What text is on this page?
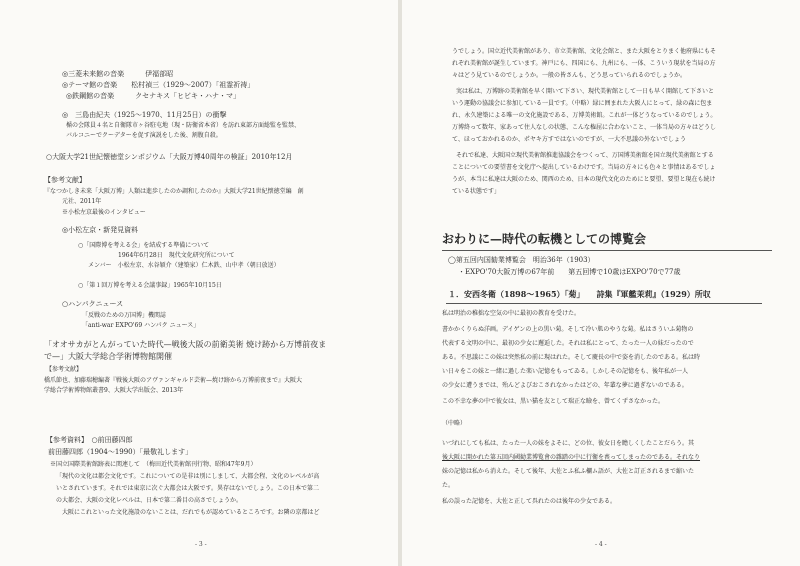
◎三菱未来館の音楽　　　伊福部昭
◎テーマ館の音楽　　松村禎三（1929〜2007）「祖霊祈祷」
◎鉄鋼館の音楽　　　クセナキス「ヒビキ・ハナ・マ」
◎　三島由紀夫（1925〜1970、11月25日）の衝撃
楯の会隊員４名と自衛隊市ヶ谷駐屯地（現・防衛省本省）を訪れ東部方面総監を監禁、
バルコニーでクーデターを促す演説をした後、割腹自殺。
○大阪大学21世紀懐徳堂シンポジウム「大阪万博40周年の検証」2010年12月
【参考文献】
『なつかしき未来「大阪万博」人類は進歩したのか調和したのか』大阪大学21世紀懐徳堂編　創
元社、2011年
※小松左京最後のインタビュー
◎小松左京・新発見資料
○「国際博を考える会」を結成する準備について
1964年6月28日　現代文化研究所について
メンバー　小松左京、水谷穎介（建築家）仁木鉄、山中孝（朝日放送）
○「第１回万博を考える会議事録」1965年10月15日
○ハンパクニュース
「反戦のための万国博」機関誌
「anti-war EXPO'69 ハンパク ニュース」
「オオサカがとんがっていた時代—戦後大阪の前衛美術 焼け跡から万博前夜ま
で—」大阪大学総合学術博物館開催
【参考文献】
橋爪節也、加藤瑞穂編著『戦後大阪のアヴァンギャルド芸術—焼け跡から万博前夜まで』大阪大
学総合学術博物館叢書9、大阪大学出版会、2013年
【参考資料】　○前田藤四郎
前田藤四郎（1904〜1990）「最敬礼します」
※国立国際美術館跡表に関連して　（梅田近代美術館刊行物、昭和47年9月）
「現代の文化は都会文化です。これについての是非は別にしまして、大都会程、文化のレベルが高
いとされています。それでは東京に次ぐ大都会は大阪です。異存はないでしょう。この日本で第二
の大都会、大阪の文化レベルは、日本で第二番目の高さでしょうか。
大阪にこれといった文化施設のないことは、だれでもが認めているところです。お隣の京都はど
- 3 -
うでしょう。国立近代美術館があり、市立美術館、文化会館と、また大阪をとりまく他府県にもそ
れぞれ美術館が誕生しています。神戸にも、四国にも、九州にも、一体、こういう現状を当局の方
々はどう見ているのでしょうか。一般の皆さんも、どう思っていられるのでしょうか。
実は私は、万博跡の美術館を早く開いて下さい、現代美術館として一日も早く開館して下さいと
いう運動の協議会に参加している一員です。（中略）緑に囲まれた大阪人にとって、緑の森に包ま
れ、永久建築による唯一の文化施設である、万博美術館。これが一体どうなっているのでしょう。
万博終って数年、家あって住人なしの状態、こんな権屈に合わないこと、一体当局の方々はどうし
て、ほっておかれるのか、ポヤキ方すではないのですが、一大不思議の外ないでしょう
それで私達、大阪国立現代美術館推進協議会をつくって、万国博美術館を国立現代美術館とする
ことについての要望書を文化庁へ提出しているわけです。当局の方々にも色々と事情はあるでしょ
うが、本当に私達は大阪のため、関西のため、日本の現代文化のためにと要望、要望と現在も続け
ている状態です」
おわりに—時代の転機としての博覧会
◯第五回内国勧業博覧会　明治36年（1903）
・EXPO'70大阪万博の67年前　　第五回博で10歳はEXPO'70で77歳
１．安西冬衛（1898〜1965）「菊」　　詩集『軍艦茉莉』（1929）所収
私は明治の稚拙な空気の中に最初の教育を受けた。
書かかくりらぬ洋画。デイゲンの上の黒い菊。そして冷い肌のやうな菊。私はさういふ菊物の
代表する文明の中に、最初の少女に邂逅した。それは私にとって、たった一人の妹だったので
ある。不思議にこの妹は突然私の前に現はれた。そして慶長の中で姿を消したのである。私は時
い日々をこの妹と一緒に過した楽い記憶をもってゐる。しかしその記憶をも、後年私が一人
の少女に遭うまでは、殆んどよびおこされなかったはどの、年輩な夢に過ぎないのである。
この不幸な夢の中で彼女は、黒い猫を友として瑞正な瞼を、曾てくずさなかった。
（中略）
いづれにしても私は、たった一人の妹をよそに、どの位、彼女日を瞻しくしたことだらう。其
後大阪に開かれた第五回内國勧業博覧會の雜踏の中に行衛を喪ってしまったのである。それなり
妹の記憶は私から消えた。そして後年、大佐とふ私ふ欄ム語が、大佐と訂正されるまで縮いた
た。
私の誤った記憶を、大佐と正して呉れたのは後年の少女である。
- 4 -
